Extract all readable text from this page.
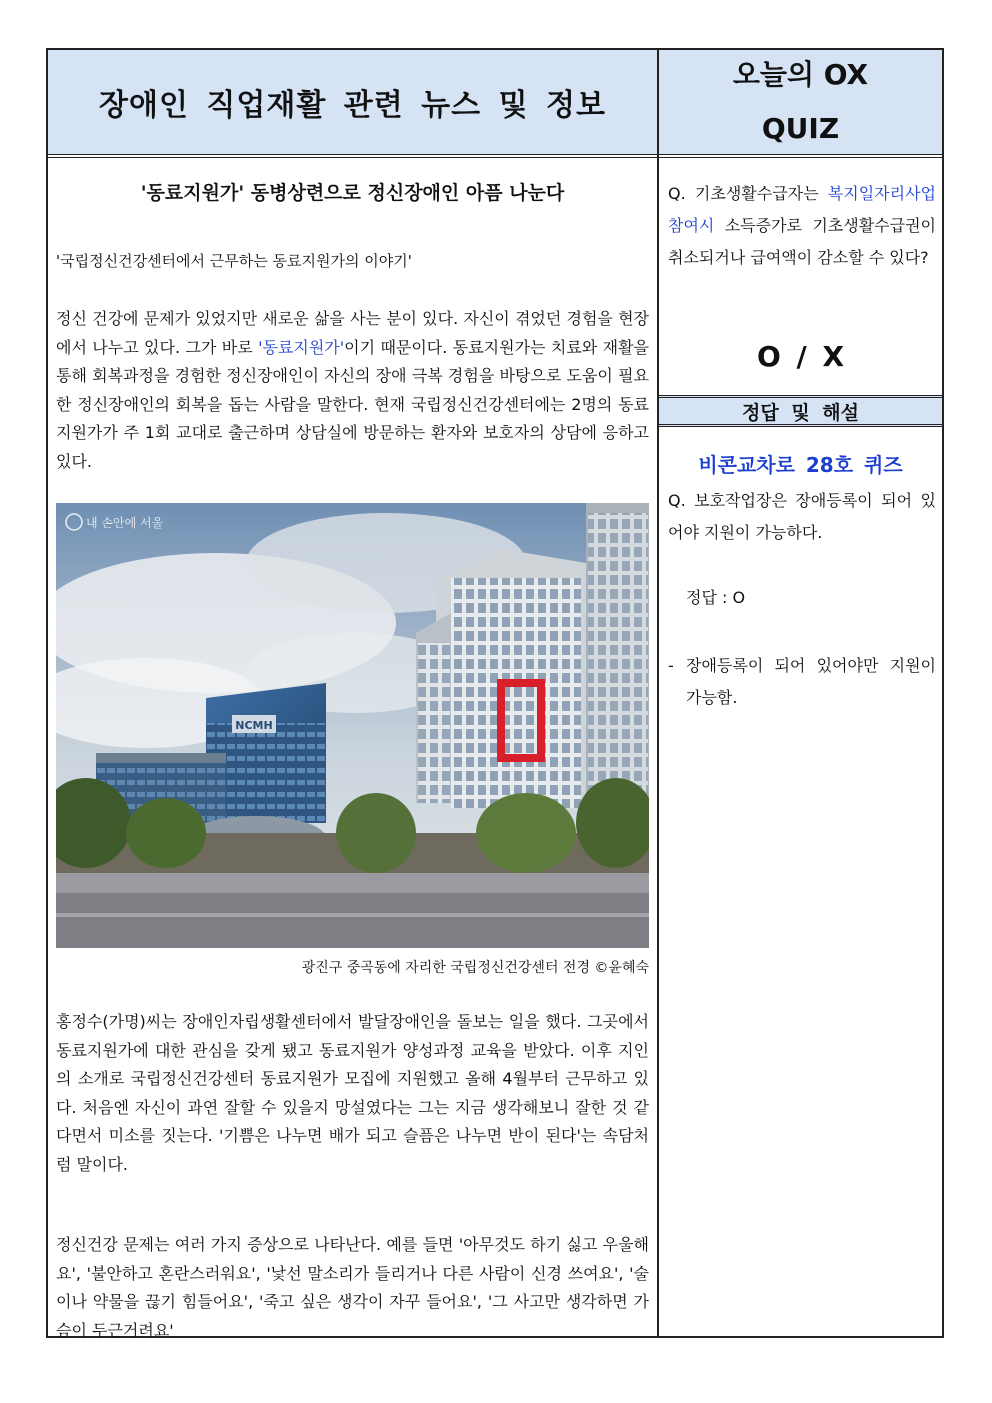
장애인 직업재활 관련 뉴스 및 정보
오늘의 OX
QUIZ
'동료지원가' 동병상련으로 정신장애인 아픔 나눈다
'국립정신건강센터에서 근무하는 동료지원가의 이야기'
정신 건강에 문제가 있었지만 새로운 삶을 사는 분이 있다. 자신이 겪었던 경험을 현장에서 나누고 있다. 그가 바로 '동료지원가'이기 때문이다. 동료지원가는 치료와 재활을 통해 회복과정을 경험한 정신장애인이 자신의 장애 극복 경험을 바탕으로 도움이 필요한 정신장애인의 회복을 돕는 사람을 말한다. 현재 국립정신건강센터에는 2명의 동료지원가가 주 1회 교대로 출근하며 상담실에 방문하는 환자와 보호자의 상담에 응하고 있다.
NCMH
내 손안에 서울
광진구 중곡동에 자리한 국립정신건강센터 전경 ©윤혜숙
홍정수(가명)씨는 장애인자립생활센터에서 발달장애인을 돌보는 일을 했다. 그곳에서 동료지원가에 대한 관심을 갖게 됐고 동료지원가 양성과정 교육을 받았다. 이후 지인의 소개로 국립정신건강센터 동료지원가 모집에 지원했고 올해 4월부터 근무하고 있다. 처음엔 자신이 과연 잘할 수 있을지 망설였다는 그는 지금 생각해보니 잘한 것 같다면서 미소를 짓는다. '기쁨은 나누면 배가 되고 슬픔은 나누면 반이 된다'는 속담처럼 말이다.
정신건강 문제는 여러 가지 증상으로 나타난다. 예를 들면 '아무것도 하기 싫고 우울해요', '불안하고 혼란스러워요', '낯선 말소리가 들리거나 다른 사람이 신경 쓰여요', '술이나 약물을 끊기 힘들어요', '죽고 싶은 생각이 자꾸 들어요', '그 사고만 생각하면 가슴이 두근거려요'
Q. 기초생활수급자는 복지일자리사업 참여시 소득증가로 기초생활수급권이 취소되거나 급여액이 감소할 수 있다?
O / X
정답 및 해설
비콘교차로 28호 퀴즈
Q. 보호작업장은 장애등록이 되어 있어야 지원이 가능하다.
정답 : O
- 장애등록이 되어 있어야만 지원이 가능함.
